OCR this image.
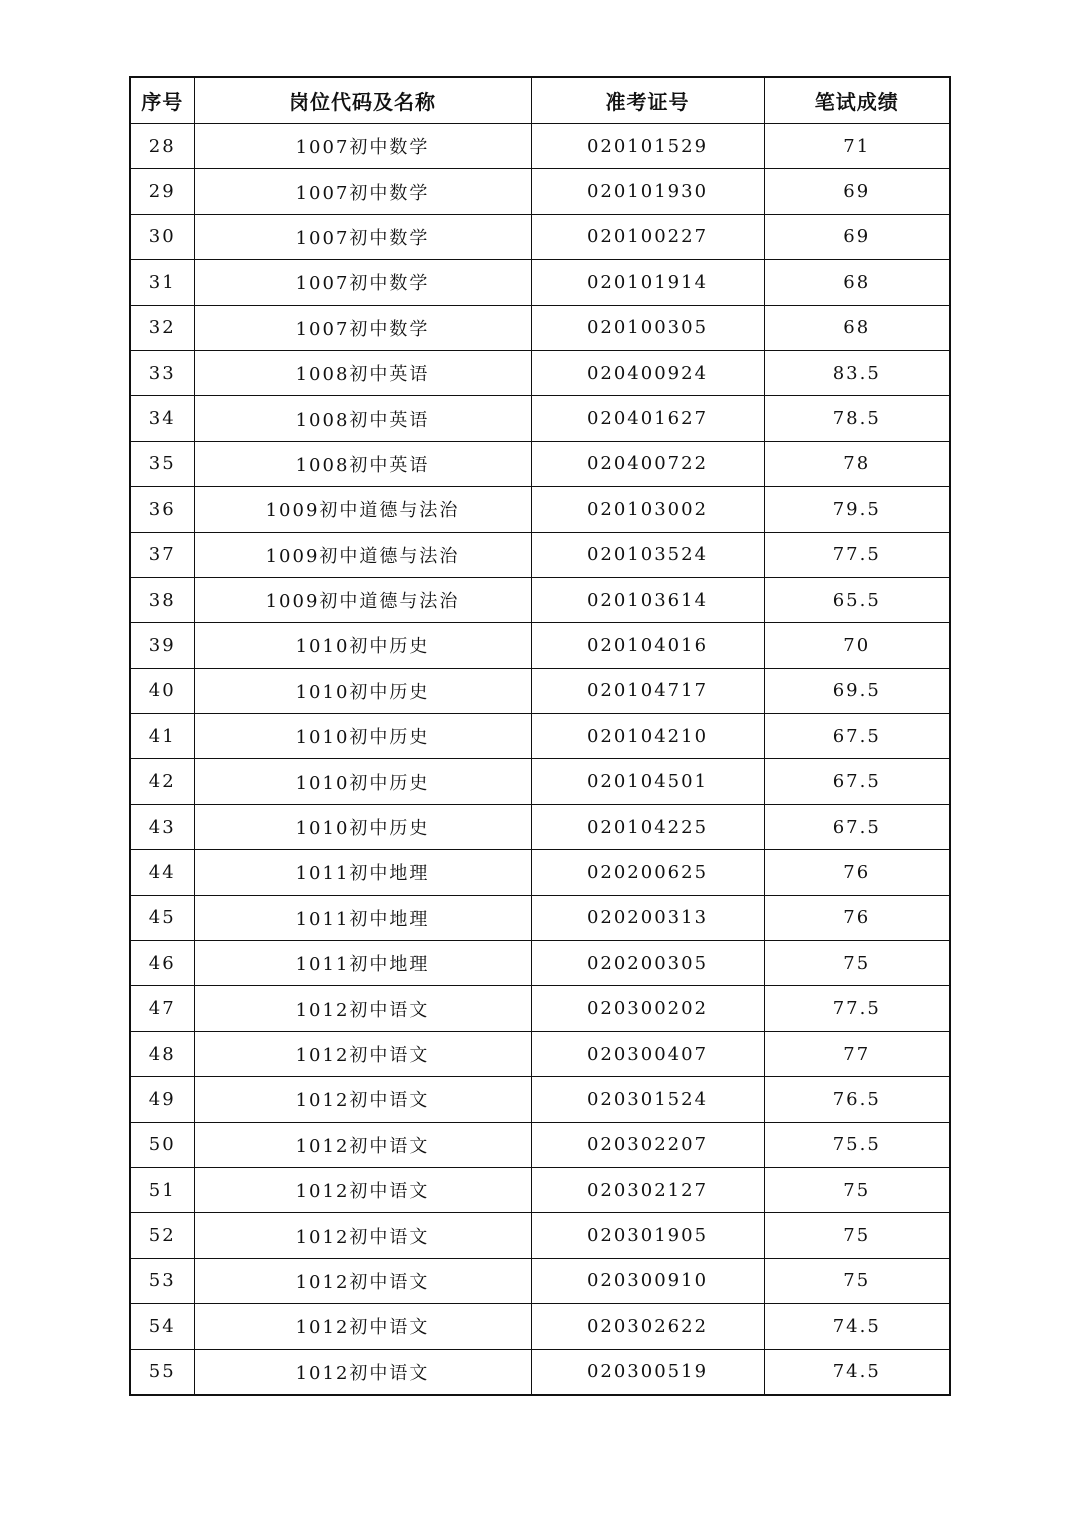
序号	岗位代码及名称	准考证号	笔试成绩
28	1007初中数学	020101529	71
29	1007初中数学	020101930	69
30	1007初中数学	020100227	69
31	1007初中数学	020101914	68
32	1007初中数学	020100305	68
33	1008初中英语	020400924	83.5
34	1008初中英语	020401627	78.5
35	1008初中英语	020400722	78
36	1009初中道德与法治	020103002	79.5
37	1009初中道德与法治	020103524	77.5
38	1009初中道德与法治	020103614	65.5
39	1010初中历史	020104016	70
40	1010初中历史	020104717	69.5
41	1010初中历史	020104210	67.5
42	1010初中历史	020104501	67.5
43	1010初中历史	020104225	67.5
44	1011初中地理	020200625	76
45	1011初中地理	020200313	76
46	1011初中地理	020200305	75
47	1012初中语文	020300202	77.5
48	1012初中语文	020300407	77
49	1012初中语文	020301524	76.5
50	1012初中语文	020302207	75.5
51	1012初中语文	020302127	75
52	1012初中语文	020301905	75
53	1012初中语文	020300910	75
54	1012初中语文	020302622	74.5
55	1012初中语文	020300519	74.5
